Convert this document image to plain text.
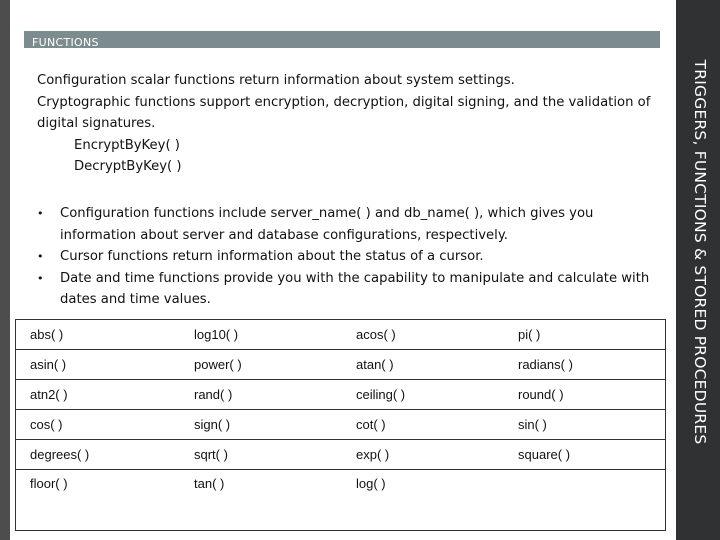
FUNCTIONS
TRIGGERS, FUNCTIONS & STORED PROCEDURES

Configuration scalar functions return information about system settings.

Cryptographic functions support encryption, decryption, digital signing, and the validation of digital signatures.

EncryptByKey( )

DecryptByKey( )

• Configuration functions include server_name( ) and db_name( ), which gives you information about server and database configurations, respectively.
• Cursor functions return information about the status of a cursor.
• Date and time functions provide you with the capability to manipulate and calculate with dates and time values.
abs( )	log10( )	acos( )	pi( )
asin( )	power( )	atan( )	radians( )
atn2( )	rand( )	ceiling( )	round( )
cos( )	sign( )	cot( )	sin( )
degrees( )	sqrt( )	exp( )	square( )
floor( )	tan( )	log( )	
